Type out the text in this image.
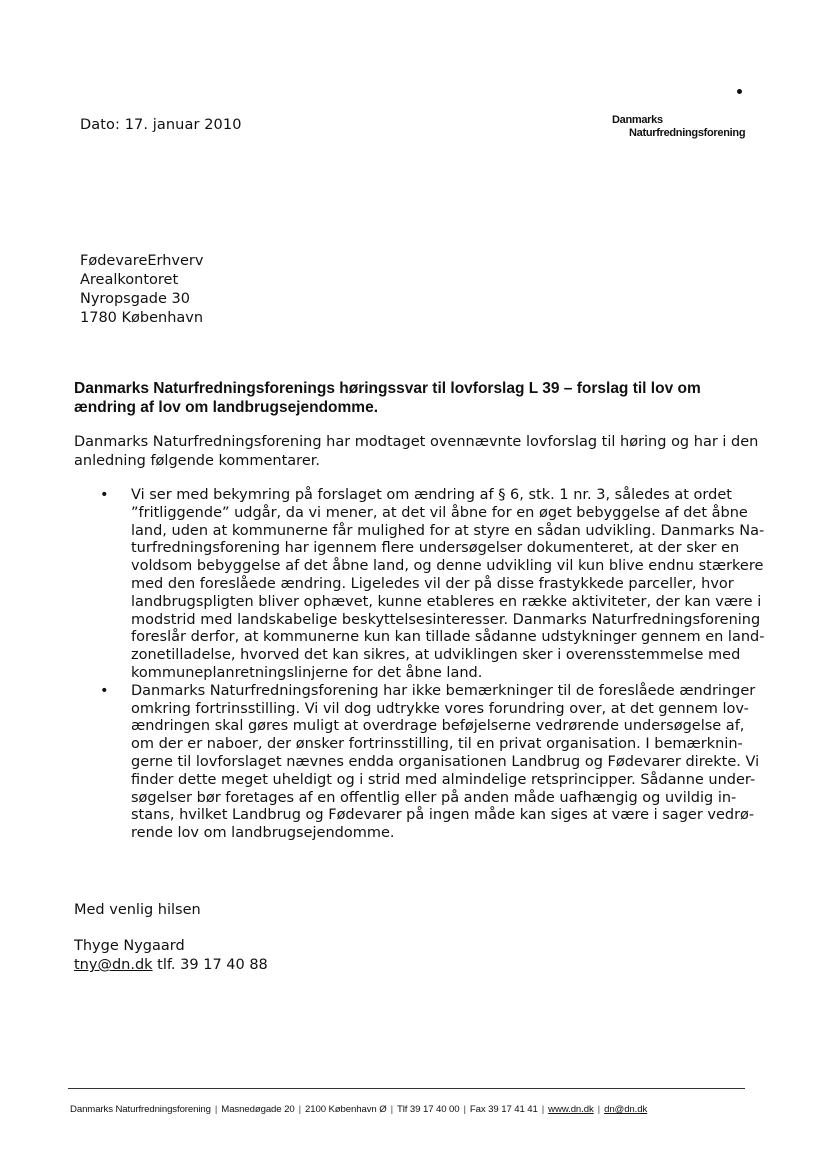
Dato: 17. januar 2010	Danmarks
Naturfredningsforening
FødevareErhverv
Arealkontoret
Nyropsgade 30
1780 København
Danmarks Naturfredningsforenings høringssvar til lovforslag L 39 – forslag til lov om
ændring af lov om landbrugsejendomme.
Danmarks Naturfredningsforening har modtaget ovennævnte lovforslag til høring og har i den
anledning følgende kommentarer.
• Vi ser med bekymring på forslaget om ændring af § 6, stk. 1 nr. 3, således at ordet
”fritliggende” udgår, da vi mener, at det vil åbne for en øget bebyggelse af det åbne
land, uden at kommunerne får mulighed for at styre en sådan udvikling. Danmarks Na-
turfredningsforening har igennem flere undersøgelser dokumenteret, at der sker en
voldsom bebyggelse af det åbne land, og denne udvikling vil kun blive endnu stærkere
med den foreslåede ændring. Ligeledes vil der på disse frastykkede parceller, hvor
landbrugspligten bliver ophævet, kunne etableres en række aktiviteter, der kan være i
modstrid med landskabelige beskyttelsesinteresser. Danmarks Naturfredningsforening
foreslår derfor, at kommunerne kun kan tillade sådanne udstykninger gennem en land-
zonetilladelse, hvorved det kan sikres, at udviklingen sker i overensstemmelse med
kommuneplanretningslinjerne for det åbne land.
• Danmarks Naturfredningsforening har ikke bemærkninger til de foreslåede ændringer
omkring fortrinsstilling. Vi vil dog udtrykke vores forundring over, at det gennem lov-
ændringen skal gøres muligt at overdrage beføjelserne vedrørende undersøgelse af,
om der er naboer, der ønsker fortrinsstilling, til en privat organisation. I bemærknin-
gerne til lovforslaget nævnes endda organisationen Landbrug og Fødevarer direkte. Vi
finder dette meget uheldigt og i strid med almindelige retsprincipper. Sådanne under-
søgelser bør foretages af en offentlig eller på anden måde uafhængig og uvildig in-
stans, hvilket Landbrug og Fødevarer på ingen måde kan siges at være i sager vedrø-
rende lov om landbrugsejendomme.
Med venlig hilsen
Thyge Nygaard
tny@dn.dk tlf. 39 17 40 88
Danmarks Naturfredningsforening | Masnedøgade 20 | 2100 København Ø | Tlf 39 17 40 00 | Fax 39 17 41 41 | www.dn.dk | dn@dn.dk
